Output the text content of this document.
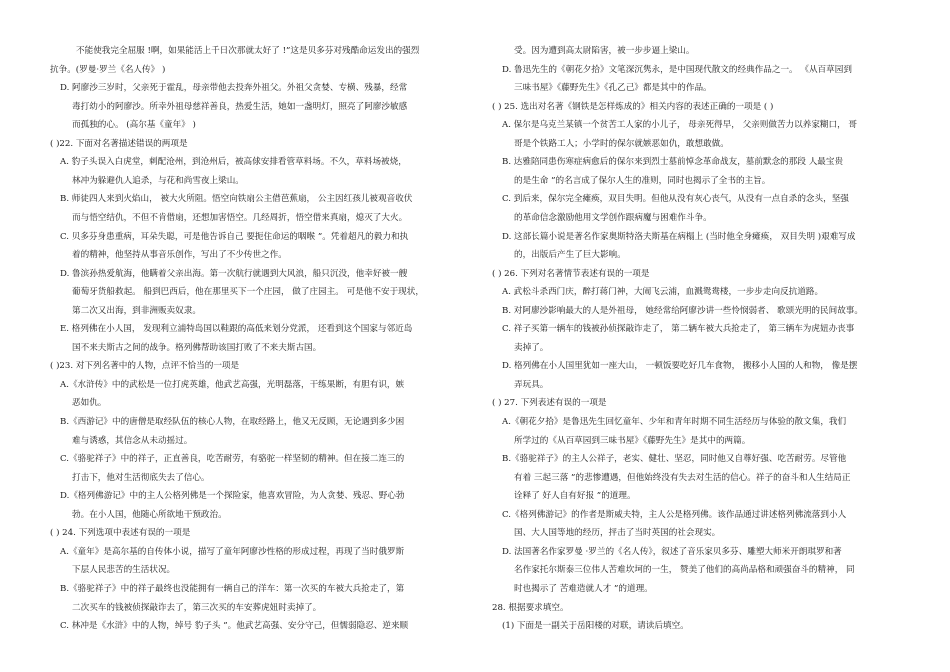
不能使我完全屈服 !啊，如果能活上千日次那就太好了 !”这是贝多芬对残酷命运发出的强烈
抗争。(罗曼·罗兰《名人传》 )
D. 阿廖沙三岁时，父亲死于霍乱，母亲带他去投奔外祖父。外祖父贪婪、专横、残暴，经常
毒打幼小的阿廖沙。所幸外祖母慈祥善良，热爱生活，她如一盏明灯，照亮了阿廖沙敏感
而孤独的心。 (高尔基《童年》 )
( )22. 下面对名著描述错误的两项是
A. 豹子头误入白虎堂，刺配沧州，到沧州后，被高俅安排看管草料场。不久，草料场被烧，
林冲为躲避仇人追杀，与花和尚雪夜上梁山。
B. 师徒四人来到火焰山， 被大火所阻。悟空向铁扇公主借芭蕉扇， 公主因红孩儿被观音收伏
而与悟空结仇，不但不肯借扇，还想加害悟空。几经周折，悟空借来真扇，熄灭了大火。
C. 贝多芬身患重病，耳朵失聪，可是他告诉自己 要扼住命运的咽喉 ”。凭着超凡的毅力和执
着的精神，他坚持从事音乐创作，写出了不少传世之作。
D. 鲁滨孙热爱航海，他瞒着父亲出海。第一次航行就遇到大风浪，船只沉没，他幸好被一艘
葡萄牙货船救起。 船到巴西后，他在那里买下一个庄园， 做了庄园主。 可是他不安于现状，
第二次又出海，到非洲贩卖奴隶。
E. 格列佛在小人国， 发现利立浦特岛国以鞋跟的高低来划分党派， 还看到这个国家与邻近岛
国不来夫斯古之间的战争。格列佛帮助该国打败了不来夫斯古国。
( )23. 对下列名著中的人物，点评不恰当的一项是
A.《水浒传》中的武松是一位打虎英雄，他武艺高强，光明磊落，干练果断，有胆有识，嫉
恶如仇。
B.《西游记》中的唐僧是取经队伍的核心人物，在取经路上，他又无反顾，无论遇到多少困
难与诱惑，其信念从未动摇过。
C.《骆驼祥子》中的祥子，正直善良，吃苦耐劳，有骆驼一样坚韧的精神。但在接二连三的
打击下，他对生活彻底失去了信心。
D.《格列佛游记》中的主人公格列佛是一个探险家，他喜欢冒险，为人贪婪、残忍、野心勃
勃。在小人国，他随心所欲地干预政治。
( ) 24. 下列选项中表述有误的一项是
A.《童年》是高尔基的自传体小说，描写了童年阿廖沙性格的形成过程，再现了当时俄罗斯
下层人民悲苦的生活状况。
B.《骆驼祥子》中的祥子最终也没能拥有一辆自己的洋车：第一次买的车被大兵抢走了，第
二次买车的钱被侦探敲诈去了，第三次买的车安葬虎妞时卖掉了。
C. 林冲是《水浒》中的人物，绰号 豹子头 ”。他武艺高强、安分守己，但懦弱隐忍、逆来顺
受。因为遭到高太尉陷害，被一步步逼上梁山。
D. 鲁迅先生的《朝花夕拾》文笔深沉隽永，是中国现代散文的经典作品之一。 《从百草园到
三味书屋》《藤野先生》《孔乙己》都是其中的作品。
( ) 25. 选出对名著《钢铁是怎样炼成的》相关内容的表述正确的一项是 ( )
A. 保尔是乌克兰某镇一个贫苦工人家的小儿子， 母亲死得早， 父亲则做苦力以养家糊口， 哥
哥是个铁路工人；小学时的保尔就嫉恶如仇，敢想敢做。
B. 达雅陪同患伤寒症病愈后的保尔来到烈士墓前悼念革命战友，墓前默念的那段 人最宝贵
的是生命 ”的名言成了保尔人生的准则，同时也揭示了全书的主旨。
C. 到后来，保尔完全瘫痪，双目失明。但他从没有灰心丧气，从没有一点自杀的念头，坚强
的革命信念激励他用文学创作跟病魔与困难作斗争。
D. 这部长篇小说是著名作家奥斯特洛夫斯基在病榻上 (当时他全身瘫痪， 双目失明 )艰难写成
的，出版后产生了巨大影响。
( ) 26. 下列对名著情节表述有误的一项是
A. 武松斗杀西门庆，醉打蒋门神，大闹飞云浦，血溅鸳鸯楼，一步步走向反抗道路。
B. 对阿廖沙影响最大的人是外祖母， 她经常给阿廖沙讲一些怜悯弱者、 歌颂光明的民间故事。
C. 祥子买第一辆车的钱被孙侦探敲诈走了， 第二辆车被大兵抢走了， 第三辆车为虎妞办丧事
卖掉了。
D. 格列佛在小人国里犹如一座大山， 一顿饭要吃好几车食物， 搬移小人国的人和物， 像是摆
弄玩具。
( ) 27. 下列表述有误的一项是
A.《朝花夕拾》是鲁迅先生回忆童年、少年和青年时期不同生活经历与体验的散文集，我们
所学过的《从百草园到三味书屋》《藤野先生》是其中的两篇。
B.《骆驼祥子》的主人公祥子，老实、健壮、坚忍，同时他又自尊好强、吃苦耐劳。尽管他
有着 三起三落 ”的悲惨遭遇，但他始终没有失去对生活的信心。祥子的奋斗和人生结局正
诠释了 好人自有好报 ”的道理。
C.《格列佛游记》的作者是斯威夫特，主人公是格列佛。该作品通过讲述格列佛流落到小人
国、大人国等地的经历，抨击了当时英国的社会现实。
D. 法国著名作家罗曼 ·罗兰的《名人传》，叙述了音乐家贝多芬、雕塑大师米开朗琪罗和著
名作家托尔斯泰三位伟人苦难坎坷的一生， 赞美了他们的高尚品格和顽强奋斗的精神， 同
时也揭示了 苦难造就人才 ”的道理。
28. 根据要求填空。
(1) 下面是一副关于岳阳楼的对联，请读后填空。
